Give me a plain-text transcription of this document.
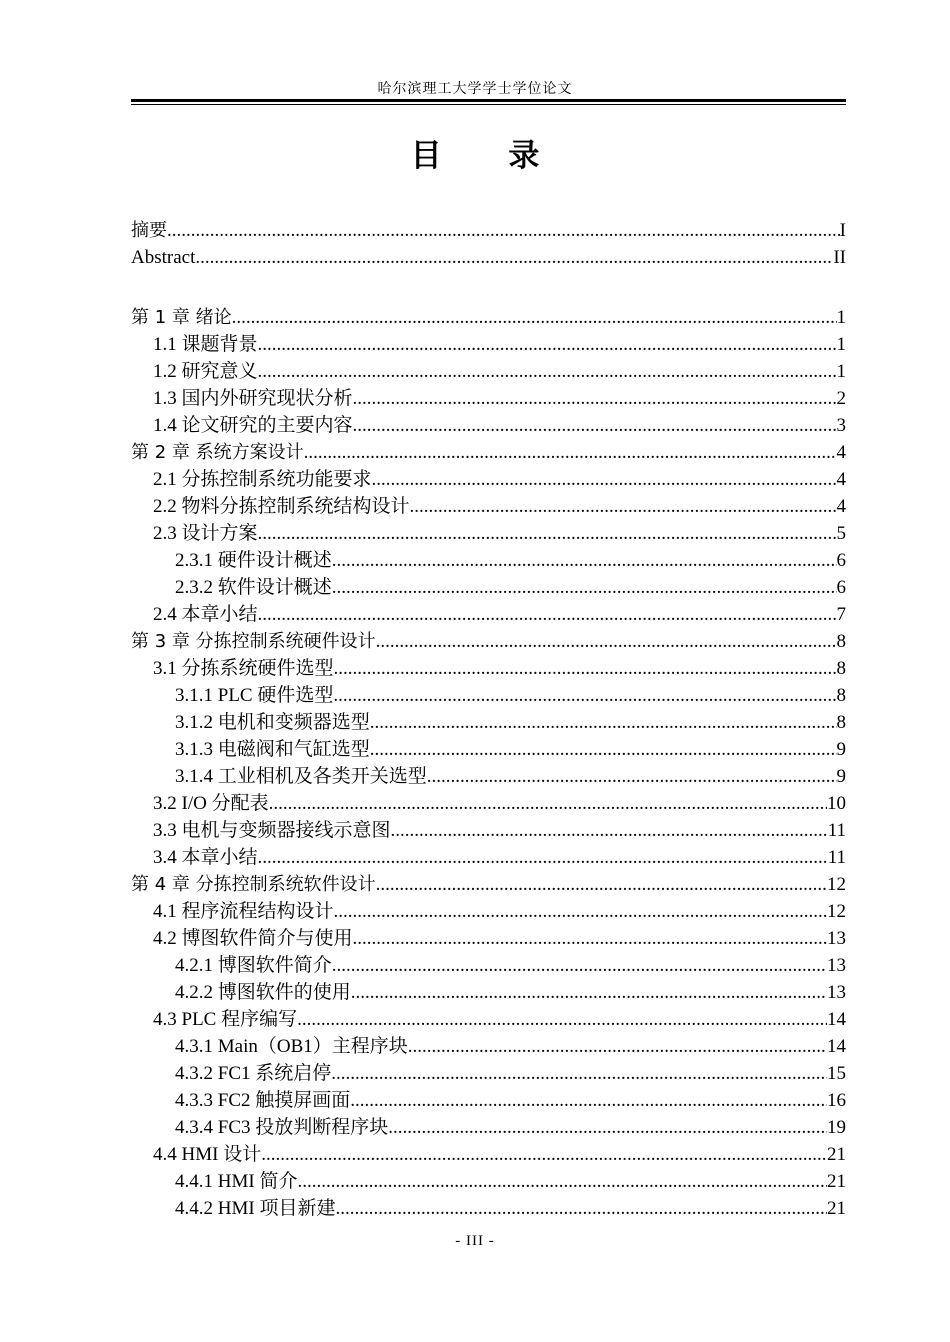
哈尔滨理工大学学士学位论文
目 录
摘要 .....	I
Abstract .....	II
第 1 章 绪论 .....	1
1.1 课题背景 .....	1
1.2 研究意义 .....	1
1.3 国内外研究现状分析 .....	2
1.4 论文研究的主要内容 .....	3
第 2 章 系统方案设计 .....	4
2.1 分拣控制系统功能要求 .....	4
2.2 物料分拣控制系统结构设计 .....	4
2.3 设计方案 .....	5
2.3.1 硬件设计概述 .....	6
2.3.2 软件设计概述 .....	6
2.4 本章小结 .....	7
第 3 章 分拣控制系统硬件设计 .....	8
3.1 分拣系统硬件选型 .....	8
3.1.1 PLC 硬件选型 .....	8
3.1.2 电机和变频器选型 .....	8
3.1.3 电磁阀和气缸选型 .....	9
3.1.4 工业相机及各类开关选型 .....	9
3.2 I/O 分配表 .....	10
3.3 电机与变频器接线示意图 .....	11
3.4 本章小结 .....	11
第 4 章 分拣控制系统软件设计 .....	12
4.1 程序流程结构设计 .....	12
4.2 博图软件简介与使用 .....	13
4.2.1 博图软件简介 .....	13
4.2.2 博图软件的使用 .....	13
4.3 PLC 程序编写 .....	14
4.3.1 Main（OB1）主程序块 .....	14
4.3.2 FC1 系统启停 .....	15
4.3.3 FC2 触摸屏画面 .....	16
4.3.4 FC3 投放判断程序块 .....	19
4.4 HMI 设计 .....	21
4.4.1 HMI 简介 .....	21
4.4.2 HMI 项目新建 .....	21
- III -
